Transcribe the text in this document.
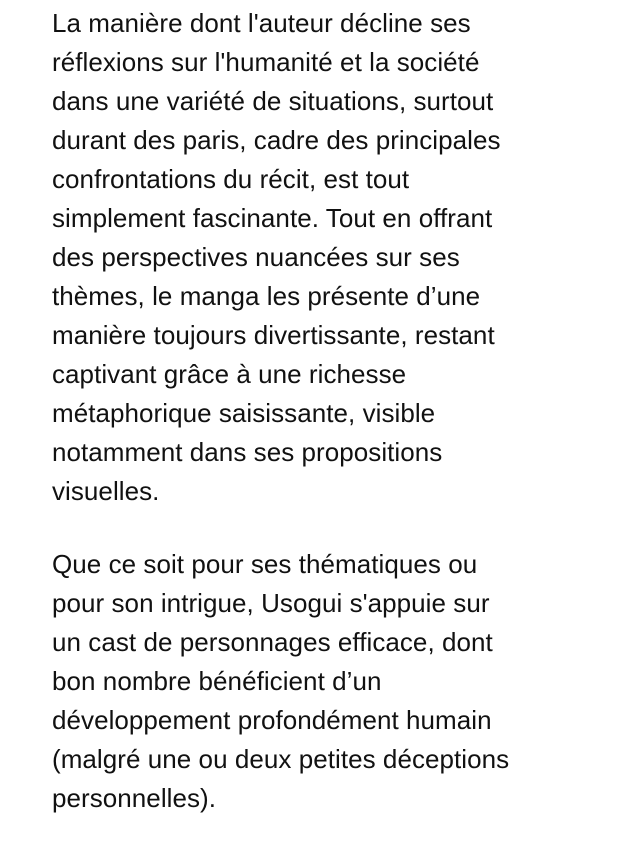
La manière dont l'auteur décline ses
réflexions sur l'humanité et la société
dans une variété de situations, surtout
durant des paris, cadre des principales
confrontations du récit, est tout
simplement fascinante. Tout en offrant
des perspectives nuancées sur ses
thèmes, le manga les présente d’une
manière toujours divertissante, restant
captivant grâce à une richesse
métaphorique saisissante, visible
notamment dans ses propositions
visuelles.
Que ce soit pour ses thématiques ou
pour son intrigue, Usogui s'appuie sur
un cast de personnages efficace, dont
bon nombre bénéficient d’un
développement profondément humain
(malgré une ou deux petites déceptions
personnelles).
